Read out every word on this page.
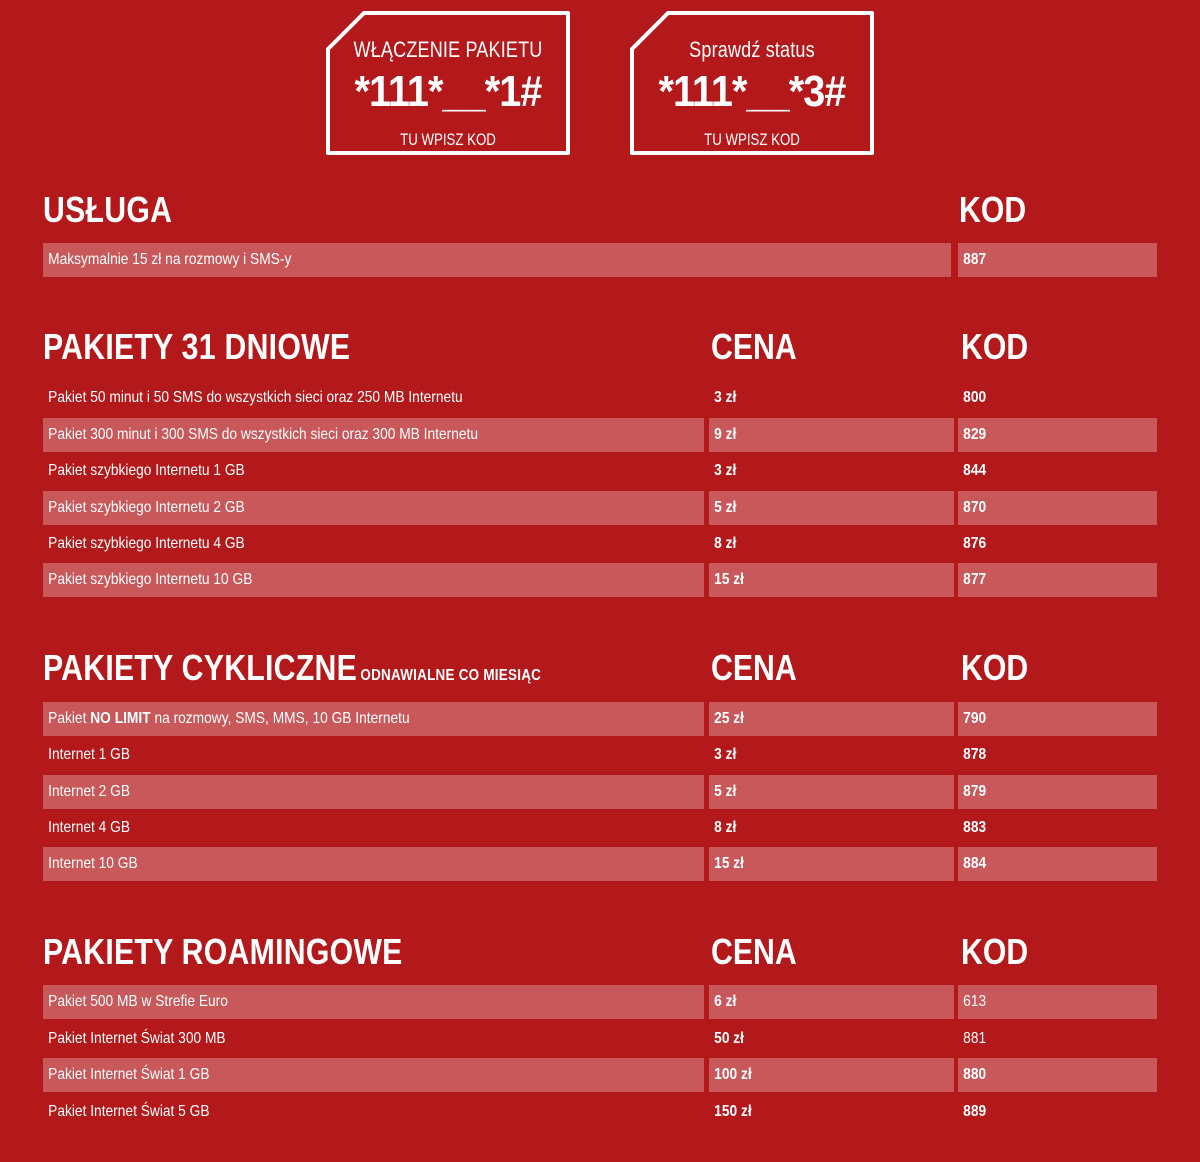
WŁĄCZENIE PAKIETU
*111*__*1#
TU WPISZ KOD
Sprawdź status
*111*__*3#
TU WPISZ KOD
USŁUGA	KOD
Maksymalnie 15 zł na rozmowy i SMS-y	887
PAKIETY 31 DNIOWE	CENA	KOD
Pakiet 50 minut i 50 SMS do wszystkich sieci oraz 250 MB Internetu	3 zł	800
Pakiet 300 minut i 300 SMS do wszystkich sieci oraz 300 MB Internetu	9 zł	829
Pakiet szybkiego Internetu 1 GB	3 zł	844
Pakiet szybkiego Internetu 2 GB	5 zł	870
Pakiet szybkiego Internetu 4 GB	8 zł	876
Pakiet szybkiego Internetu 10 GB	15 zł	877
PAKIETY CYKLICZNE ODNAWIALNE CO MIESIĄC	CENA	KOD
Pakiet NO LIMIT na rozmowy, SMS, MMS, 10 GB Internetu	25 zł	790
Internet 1 GB	3 zł	878
Internet 2 GB	5 zł	879
Internet 4 GB	8 zł	883
Internet 10 GB	15 zł	884
PAKIETY ROAMINGOWE	CENA	KOD
Pakiet 500 MB w Strefie Euro	6 zł	613
Pakiet Internet Świat 300 MB	50 zł	881
Pakiet Internet Świat 1 GB	100 zł	880
Pakiet Internet Świat 5 GB	150 zł	889
